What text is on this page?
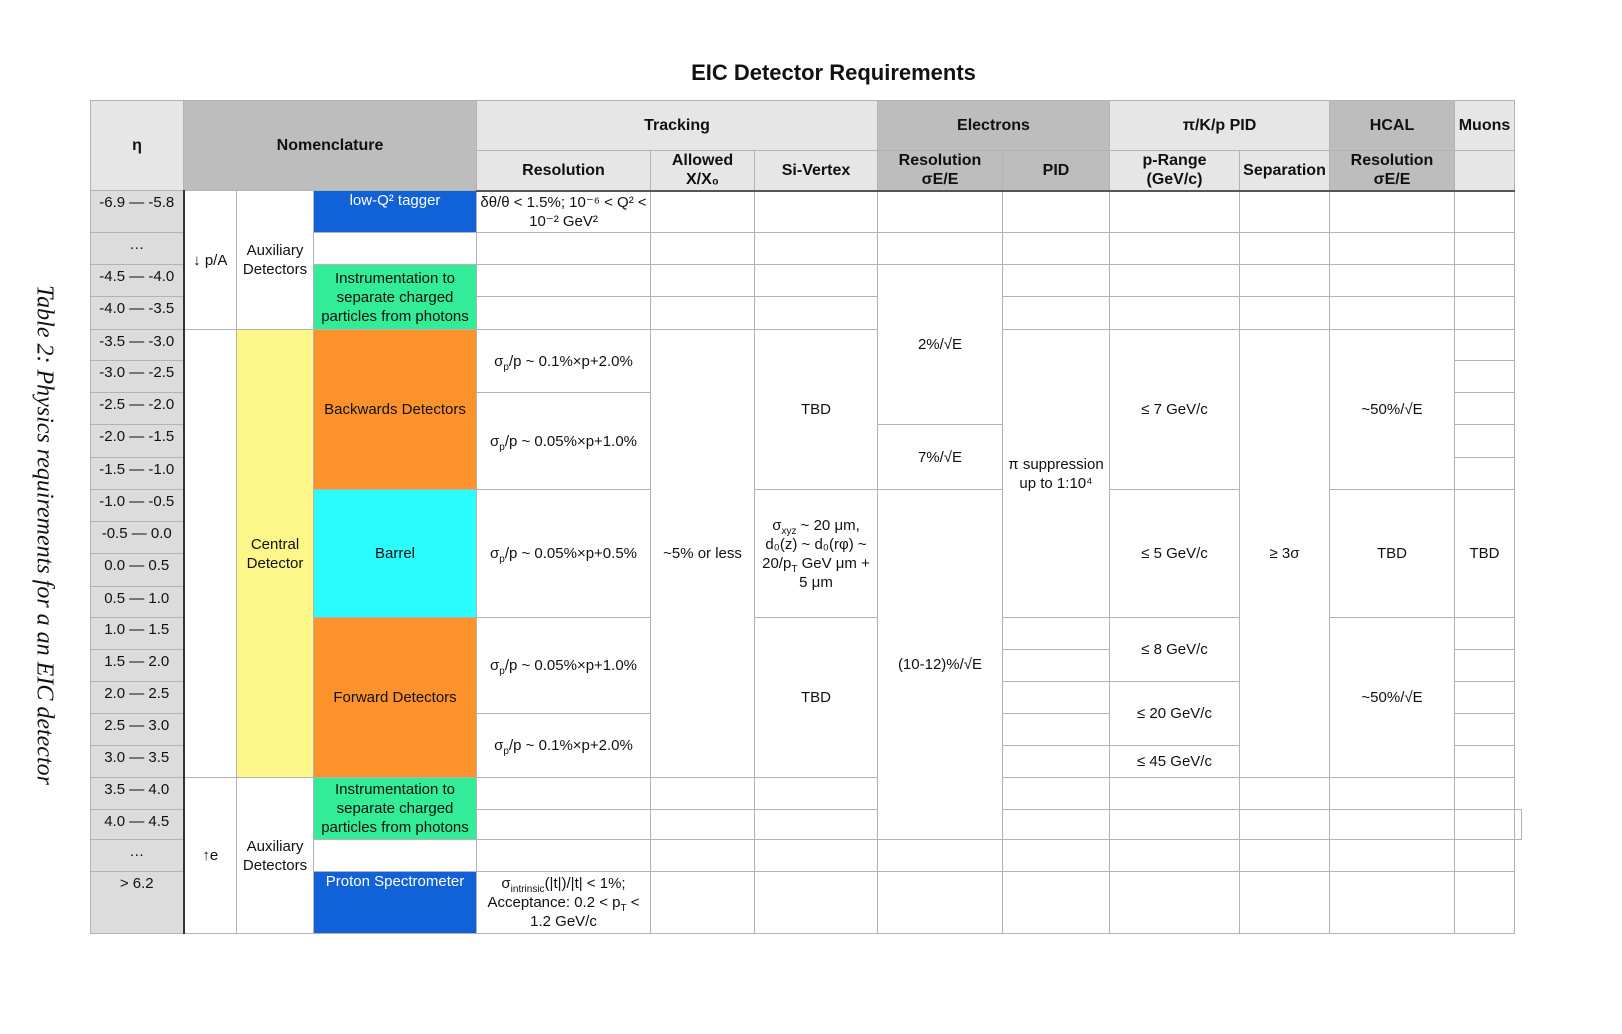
EIC Detector Requirements
Table 2: Physics requirements for a an EIC detector
η	Nomenclature			Tracking			Electrons		π/K/p PID		HCAL	Muons	
				Resolution	Allowed X/X₀	Si-Vertex	Resolution σE/E	PID	p-Range (GeV/c)	Separation	Resolution σE/E		
-6.9 — -5.8	↓ p/A	Auxiliary Detectors	low-Q² tagger	δθ/θ < 1.5%; 10⁻⁶ < Q² < 10⁻² GeV²									
…													
-4.5 — -4.0			Instrumentation to separate charged particles from photons				2%/√E						
-4.0 — -3.5													
-3.5 — -3.0		Central Detector	Backwards Detectors	$\sigma_p/p$ ~ 0.1%×p+2.0%	~5% or less	TBD		π suppression up to 1:10⁴	≤ 7 GeV/c	≥ 3σ	~50%/√E		
-3.0 — -2.5													
-2.5 — -2.0				$\sigma_p/p$ ~ 0.05%×p+1.0%									
-2.0 — -1.5							7%/√E						
-1.5 — -1.0													
-1.0 — -0.5			Barrel	$\sigma_p/p$ ~ 0.05%×p+0.5%		$\sigma_{xyz}$ ~ 20 μm, d₀(z) ~ d₀(rφ) ~ $20/p_T$ GeV μm + 5 μm	(10-12)%/√E		≤ 5 GeV/c		TBD	TBD	
-0.5 — 0.0													
0.0 — 0.5													
0.5 — 1.0													
1.0 — 1.5			Forward Detectors	$\sigma_p/p$ ~ 0.05%×p+1.0%		TBD			≤ 8 GeV/c		~50%/√E		
1.5 — 2.0													
2.0 — 2.5									≤ 20 GeV/c				
2.5 — 3.0				$\sigma_p/p$ ~ 0.1%×p+2.0%									
3.0 — 3.5									≤ 45 GeV/c				
3.5 — 4.0	↑e	Auxiliary Detectors	Instrumentation to separate charged particles from photons										
4.0 — 4.5													
…													
> 6.2			Proton Spectrometer	$\sigma_{intrinsic}(|t|)/|t| < 1\%$; Acceptance: $0.2 < p_T < 1.2$ GeV/c									
